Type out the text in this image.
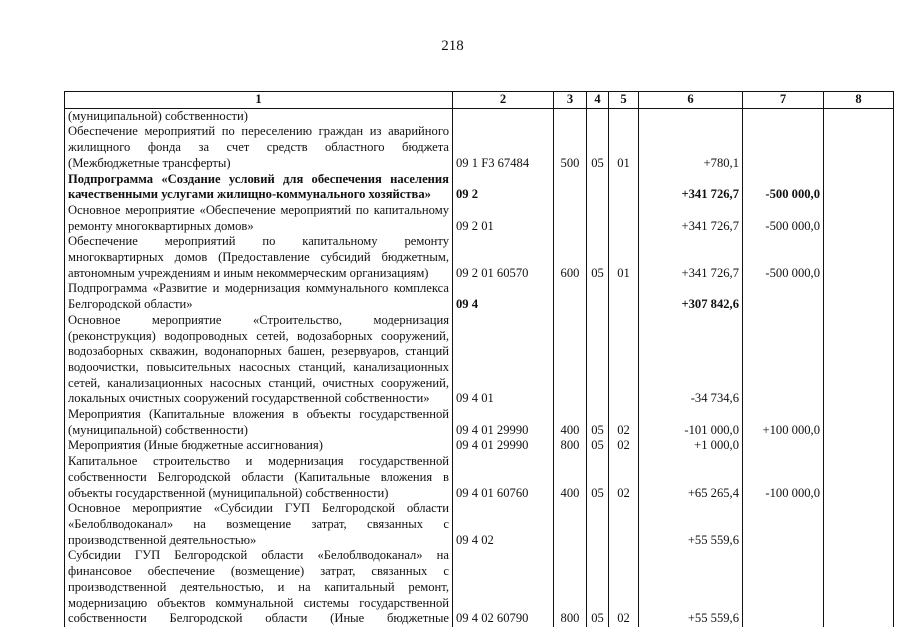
218
1	2	3	4	5	6	7	8
(муниципальной) собственности)							
Обеспечение мероприятий по переселению граждан из аварийного жилищного фонда за счет средств областного бюджета (Межбюджетные трансферты)	09 1 F3 67484	500	05	01	+780,1		
Подпрограмма «Создание условий для обеспечения населения качественными услугами жилищно-коммунального хозяйства»	09 2				+341 726,7	-500 000,0	
Основное мероприятие «Обеспечение мероприятий по капитальному ремонту многоквартирных домов»	09 2 01				+341 726,7	-500 000,0	
Обеспечение мероприятий по капитальному ремонту многоквартирных домов (Предоставление субсидий бюджетным, автономным учреждениям и иным некоммерческим организациям)	09 2 01 60570	600	05	01	+341 726,7	-500 000,0	
Подпрограмма «Развитие и модернизация коммунального комплекса Белгородской области»	09 4				+307 842,6		
Основное мероприятие «Строительство, модернизация (реконструкция) водопроводных сетей, водозаборных сооружений, водозаборных скважин, водонапорных башен, резервуаров, станций водоочистки, повысительных насосных станций, канализационных сетей, канализационных насосных станций, очистных сооружений, локальных очистных сооружений государственной собственности»	09 4 01				-34 734,6		
Мероприятия (Капитальные вложения в объекты государственной (муниципальной) собственности)	09 4 01 29990	400	05	02	-101 000,0	+100 000,0	
Мероприятия (Иные бюджетные ассигнования)	09 4 01 29990	800	05	02	+1 000,0		
Капитальное строительство и модернизация государственной собственности Белгородской области (Капитальные вложения в объекты государственной (муниципальной) собственности)	09 4 01 60760	400	05	02	+65 265,4	-100 000,0	
Основное мероприятие «Субсидии ГУП Белгородской области «Белоблводоканал» на возмещение затрат, связанных с производственной деятельностью»	09 4 02				+55 559,6		
Субсидии ГУП Белгородской области «Белоблводоканал» на финансовое обеспечение (возмещение) затрат, связанных с производственной деятельностью, и на капитальный ремонт, модернизацию объектов коммунальной системы государственной собственности Белгородской области (Иные бюджетные	09 4 02 60790	800	05	02	+55 559,6		
